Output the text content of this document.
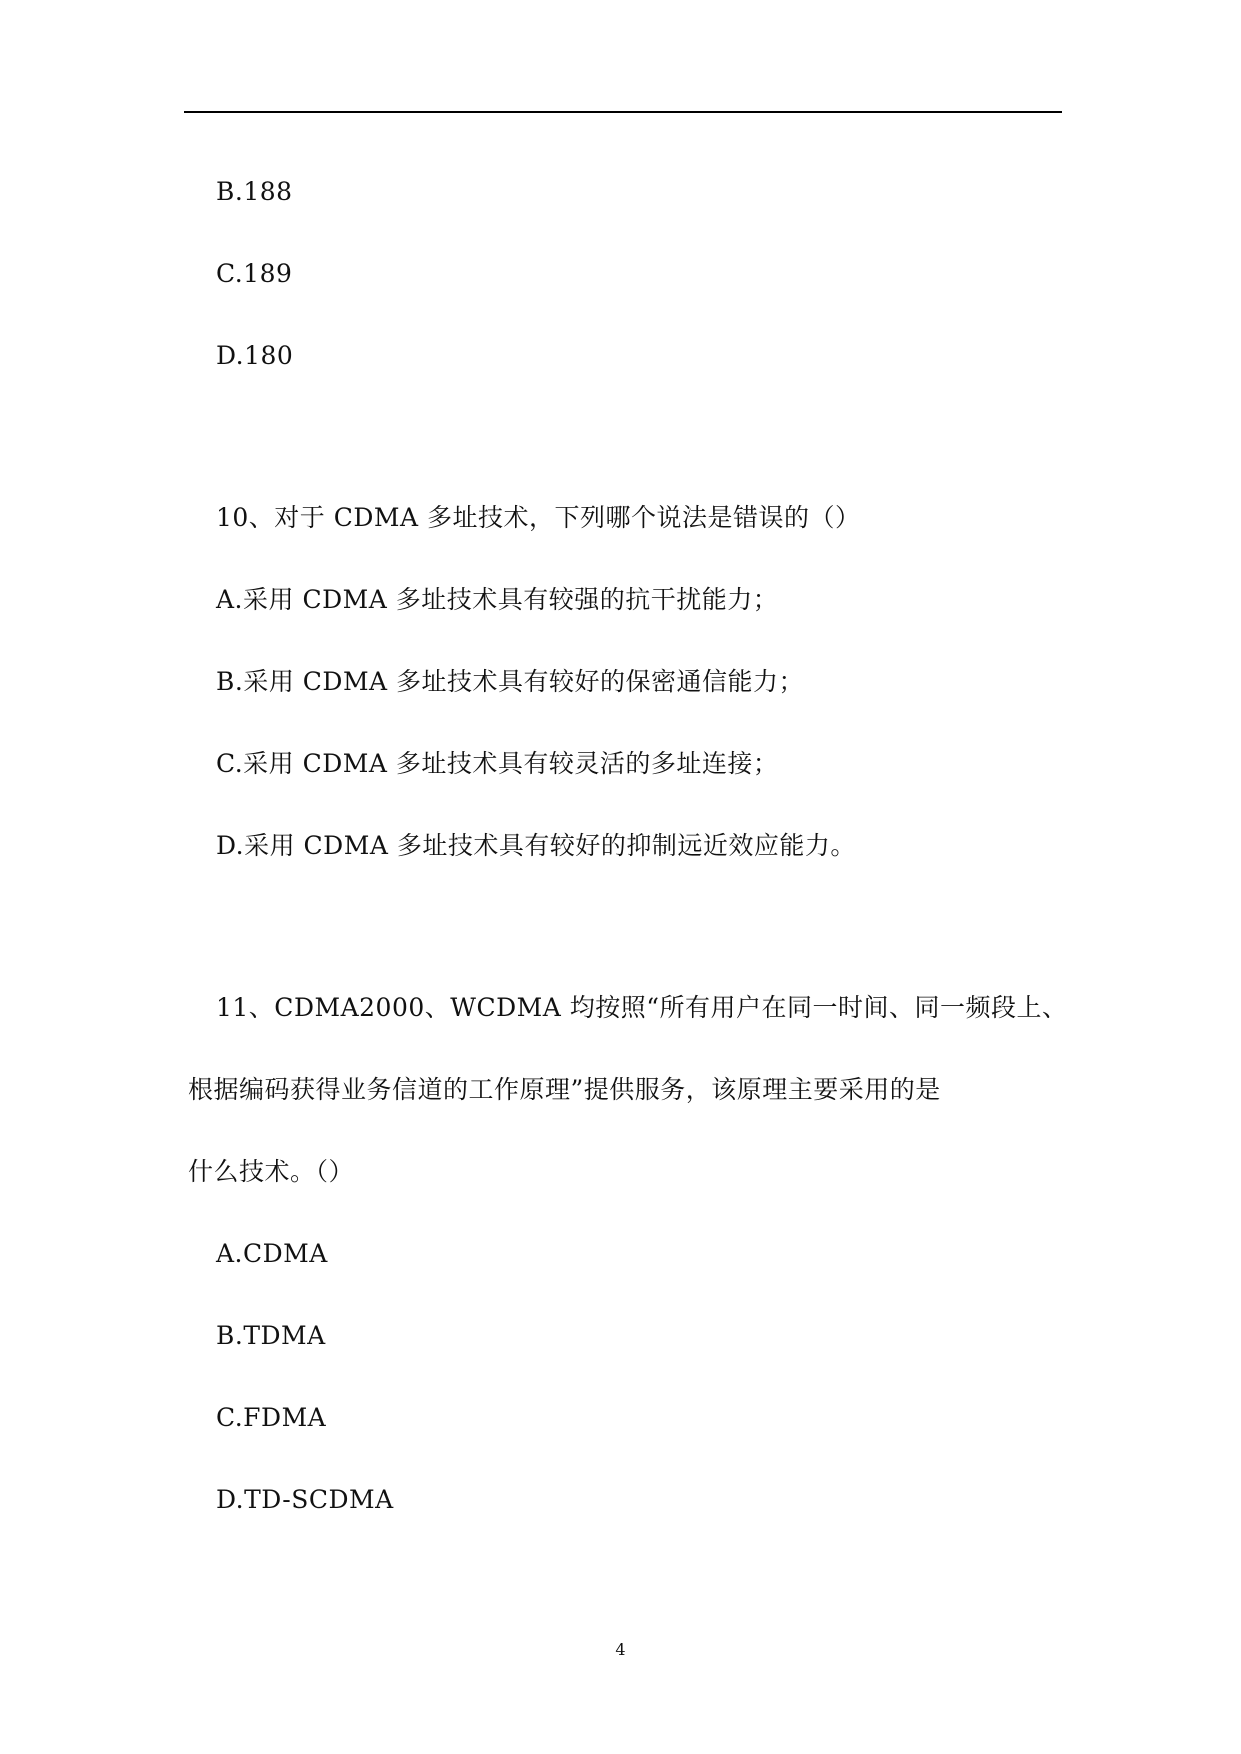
B.188
C.189
D.180
10、对于 CDMA 多址技术，下列哪个说法是错误的（）
A.采用 CDMA 多址技术具有较强的抗干扰能力；
B.采用 CDMA 多址技术具有较好的保密通信能力；
C.采用 CDMA 多址技术具有较灵活的多址连接；
D.采用 CDMA 多址技术具有较好的抑制远近效应能力。
11、CDMA2000、WCDMA 均按照“所有用户在同一时间、同一频段上、
根据编码获得业务信道的工作原理”提供服务，该原理主要采用的是
什么技术。（）
A.CDMA
B.TDMA
C.FDMA
D.TD-SCDMA
4
